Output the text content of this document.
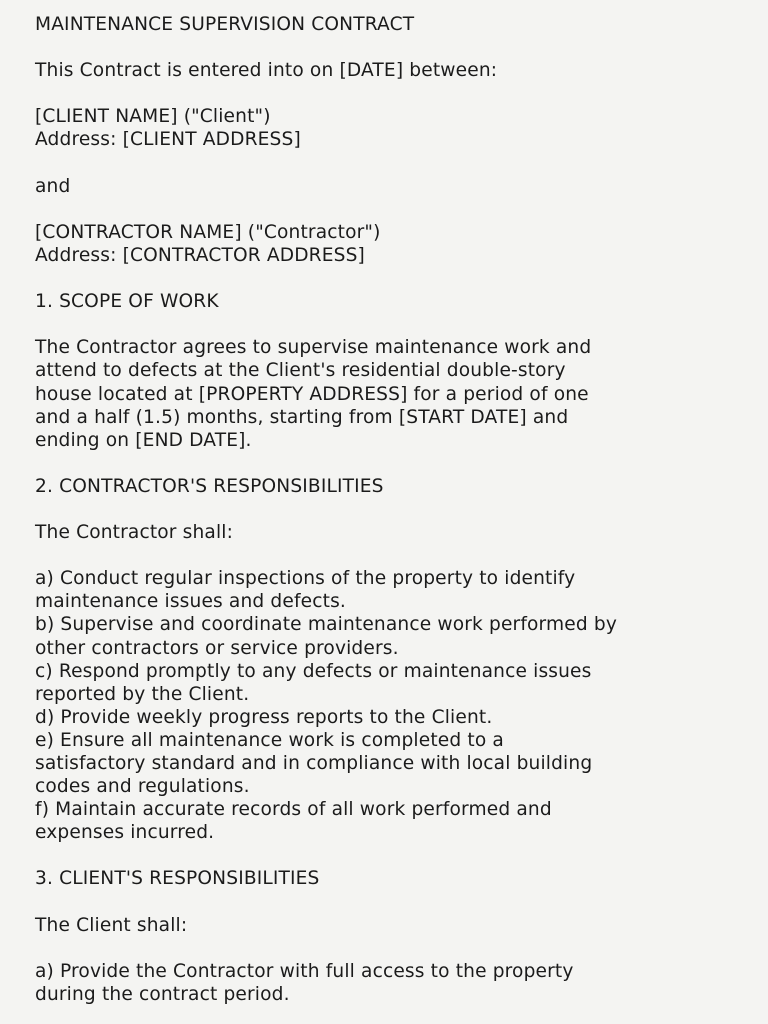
MAINTENANCE SUPERVISION CONTRACT
This Contract is entered into on [DATE] between:
[CLIENT NAME] ("Client")
Address: [CLIENT ADDRESS]
and
[CONTRACTOR NAME] ("Contractor")
Address: [CONTRACTOR ADDRESS]
1. SCOPE OF WORK
The Contractor agrees to supervise maintenance work and
attend to defects at the Client's residential double-story
house located at [PROPERTY ADDRESS] for a period of one
and a half (1.5) months, starting from [START DATE] and
ending on [END DATE].
2. CONTRACTOR'S RESPONSIBILITIES
The Contractor shall:
a) Conduct regular inspections of the property to identify
maintenance issues and defects.
b) Supervise and coordinate maintenance work performed by
other contractors or service providers.
c) Respond promptly to any defects or maintenance issues
reported by the Client.
d) Provide weekly progress reports to the Client.
e) Ensure all maintenance work is completed to a
satisfactory standard and in compliance with local building
codes and regulations.
f) Maintain accurate records of all work performed and
expenses incurred.
3. CLIENT'S RESPONSIBILITIES
The Client shall:
a) Provide the Contractor with full access to the property
during the contract period.
